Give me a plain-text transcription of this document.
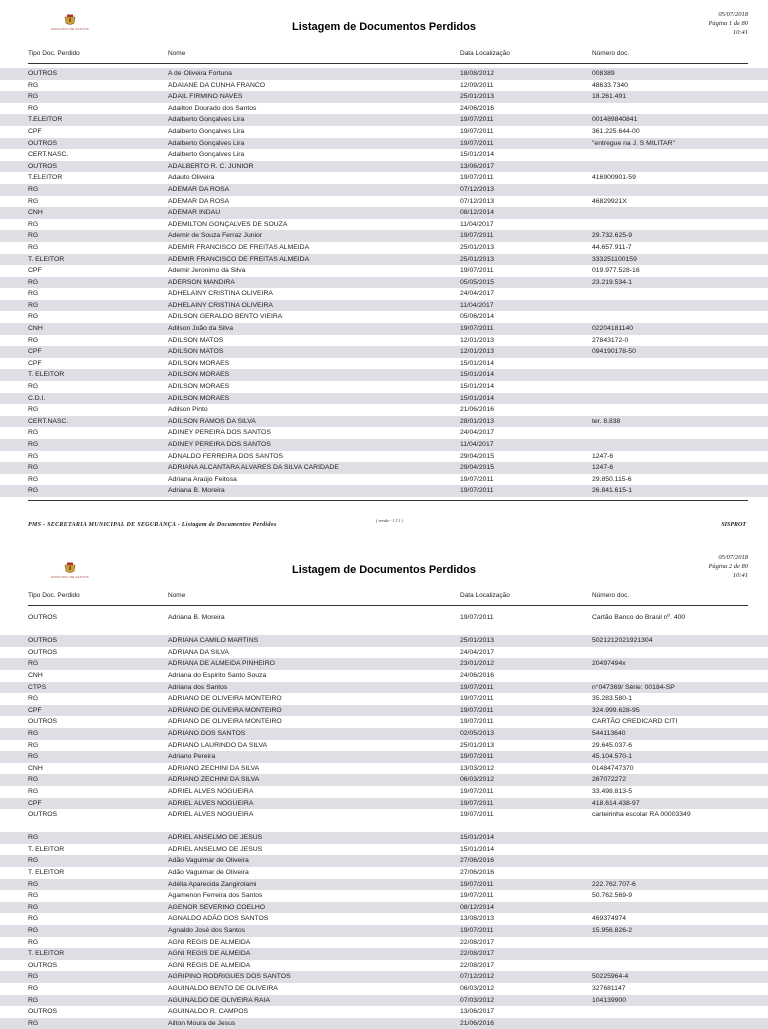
MUNICÍPIO DE SANTOS	Listagem de Documentos Perdidos
05/07/2018
Página 1 de 80
10:41
Tipo Doc. Perdido	Nome	Data Localização	Número doc.
OUTROS	A de Oliveira Fortuna	18/08/2012	008389
RG	ADAIANE DA CUNHA FRANCO	12/09/2011	48633.7340
RG	ADAIL FIRMINO NAVES	25/01/2013	18.261.491
RG	Adailton Dourado dos Santos	24/06/2016
T.ELEITOR	Adalberto Gonçalves Lira	19/07/2011	001489840841
CPF	Adalberto Gonçalves Lira	19/07/2011	361.225.644-00
OUTROS	Adalberto Gonçalves Lira	19/07/2011	"entregue na J. S MILITAR"
CERT.NASC.	Adalberto Gonçalves Lira	15/01/2014
OUTROS	ADALBERTO R. C. JUNIOR	13/06/2017
T.ELEITOR	Adauto Oliveira	19/07/2011	416900901-59
RG	ADEMAR DA ROSA	07/12/2013
RG	ADEMAR DA ROSA	07/12/2013	46829921X
CNH	ADEMAR INDAU	08/12/2014
RG	ADEMILTON GONÇALVES DE SOUZA	11/04/2017
RG	Ademir de Souza Ferraz Junior	19/07/2011	29.732.625-9
RG	ADEMIR FRANCISCO DE FREITAS ALMEIDA	25/01/2013	44.657.911-7
T. ELEITOR	ADEMIR FRANCISCO DE FREITAS ALMEIDA	25/01/2013	333251100159
CPF	Ademir Jeronimo da Silva	19/07/2011	019.977.528-16
RG	ADERSON MANDIRA	05/05/2015	23.219.534-1
RG	ADHELAINY CRISTINA OLIVEIRA	24/04/2017
RG	ADHELAINY CRISTINA OLIVEIRA	11/04/2017
RG	ADILSON GERALDO BENTO VIEIRA	05/06/2014
CNH	Adilson João da Silva	19/07/2011	02204181140
RG	ADILSON MATOS	12/01/2013	27843172-0
CPF	ADILSON MATOS	12/01/2013	094190178-50
CPF	ADILSON MORAES	15/01/2014
T. ELEITOR	ADILSON MORAES	15/01/2014
RG	ADILSON MORAES	15/01/2014
C.D.I.	ADILSON MORAES	15/01/2014
RG	Adilson Pinto	21/06/2016
CERT.NASC.	ADILSON RAMOS DA SILVA	28/01/2013	ter. 8.838
RG	ADINEY PEREIRA DOS SANTOS	24/04/2017
RG	ADINEY PEREIRA DOS SANTOS	11/04/2017
RG	ADNALDO FERREIRA DOS SANTOS	29/04/2015	1247-6
RG	ADRIANA ALCANTARA ALVARES DA SILVA CARIDADE	29/04/2015	1247-6
RG	Adriana Araújo Feitosa	19/07/2011	29.850.115-6
RG	Adriana B. Moreira	19/07/2011	26.841.615-1
PMS - SECRETARIA MUNICIPAL DE SEGURANÇA - Listagem de Documentos Perdidos
( versão - 1 3 1 )
SISPROT
MUNICÍPIO DE SANTOS
Listagem de Documentos Perdidos
05/07/2018
Página 2 de 80
10:41
Tipo Doc. Perdido	Nome	Data Localização	Número doc.
OUTROS	Adriana B. Moreira	19/07/2011	Cartão Banco do Brasil nº. 400
OUTROS	ADRIANA CAMILO MARTINS	25/01/2013	5021212021921304
OUTROS	ADRIANA DA SILVA	24/04/2017
RG	ADRIANA DE ALMEIDA PINHEIRO	23/01/2012	20497494x
CNH	Adriana do Espirito Santo Souza	24/06/2016
CTPS	Adriana dos Santos	19/07/2011	n°047369/ Série: 00184-SP
RG	ADRIANO DE OLIVEIRA MONTEIRO	19/07/2011	35.283.580-1
CPF	ADRIANO DE OLIVEIRA MONTEIRO	19/07/2011	324.999.628-95
OUTROS	ADRIANO DE OLIVEIRA MONTEIRO	19/07/2011	CARTÃO CREDICARD CITI
RG	ADRIANO DOS SANTOS	02/05/2013	544113640
RG	ADRIANO LAURINDO DA SILVA	25/01/2013	29.645.037-6
RG	Adriano Pereira	19/07/2011	45.104.570-1
CNH	ADRIANO ZECHINI DA SILVA	13/03/2012	01484747370
RG	ADRIANO ZECHINI DA SILVA	06/03/2012	267072272
RG	ADRIEL ALVES NOGUEIRA	19/07/2011	33.498.813-5
CPF	ADRIEL ALVES NOGUEIRA	19/07/2011	418.614.438-97
OUTROS	ADRIEL ALVES NOGUEIRA	19/07/2011	carteirinha escolar RA 00003349
RG	ADRIEL ANSELMO DE JESUS	15/01/2014
T. ELEITOR	ADRIEL ANSELMO DE JESUS	15/01/2014
RG	Adão Vaguimar de Oliveira	27/06/2016
T. ELEITOR	Adão Vaguimar de Oliveira	27/06/2016
RG	Adélia Aparecida Zangirolami	19/07/2011	222.762.707-6
RG	Agamenon Ferreira dos Santos	19/07/2011	50.762.569-9
RG	AGENOR SEVERINO COELHO	08/12/2014
RG	AGNALDO ADÃO DOS SANTOS	13/08/2013	469374974
RG	Agnaldo José dos Santos	19/07/2011	15.956.826-2
RG	AGNI REGIS DE ALMEIDA	22/08/2017
T. ELEITOR	AGNI REGIS DE ALMEIDA	22/08/2017
OUTROS	AGNI REGIS DE ALMEIDA	22/08/2017
RG	AGRIPINO RODRIGUES DOS SANTOS	07/12/2012	50225964-4
RG	AGUINALDO BENTO DE OLIVEIRA	06/03/2012	327681147
RG	AGUINALDO DE OLIVEIRA RAIA	07/03/2012	104139900
OUTROS	AGUINALDO R. CAMPOS	13/06/2017
RG	Ailton Moura de Jesus	21/06/2016
